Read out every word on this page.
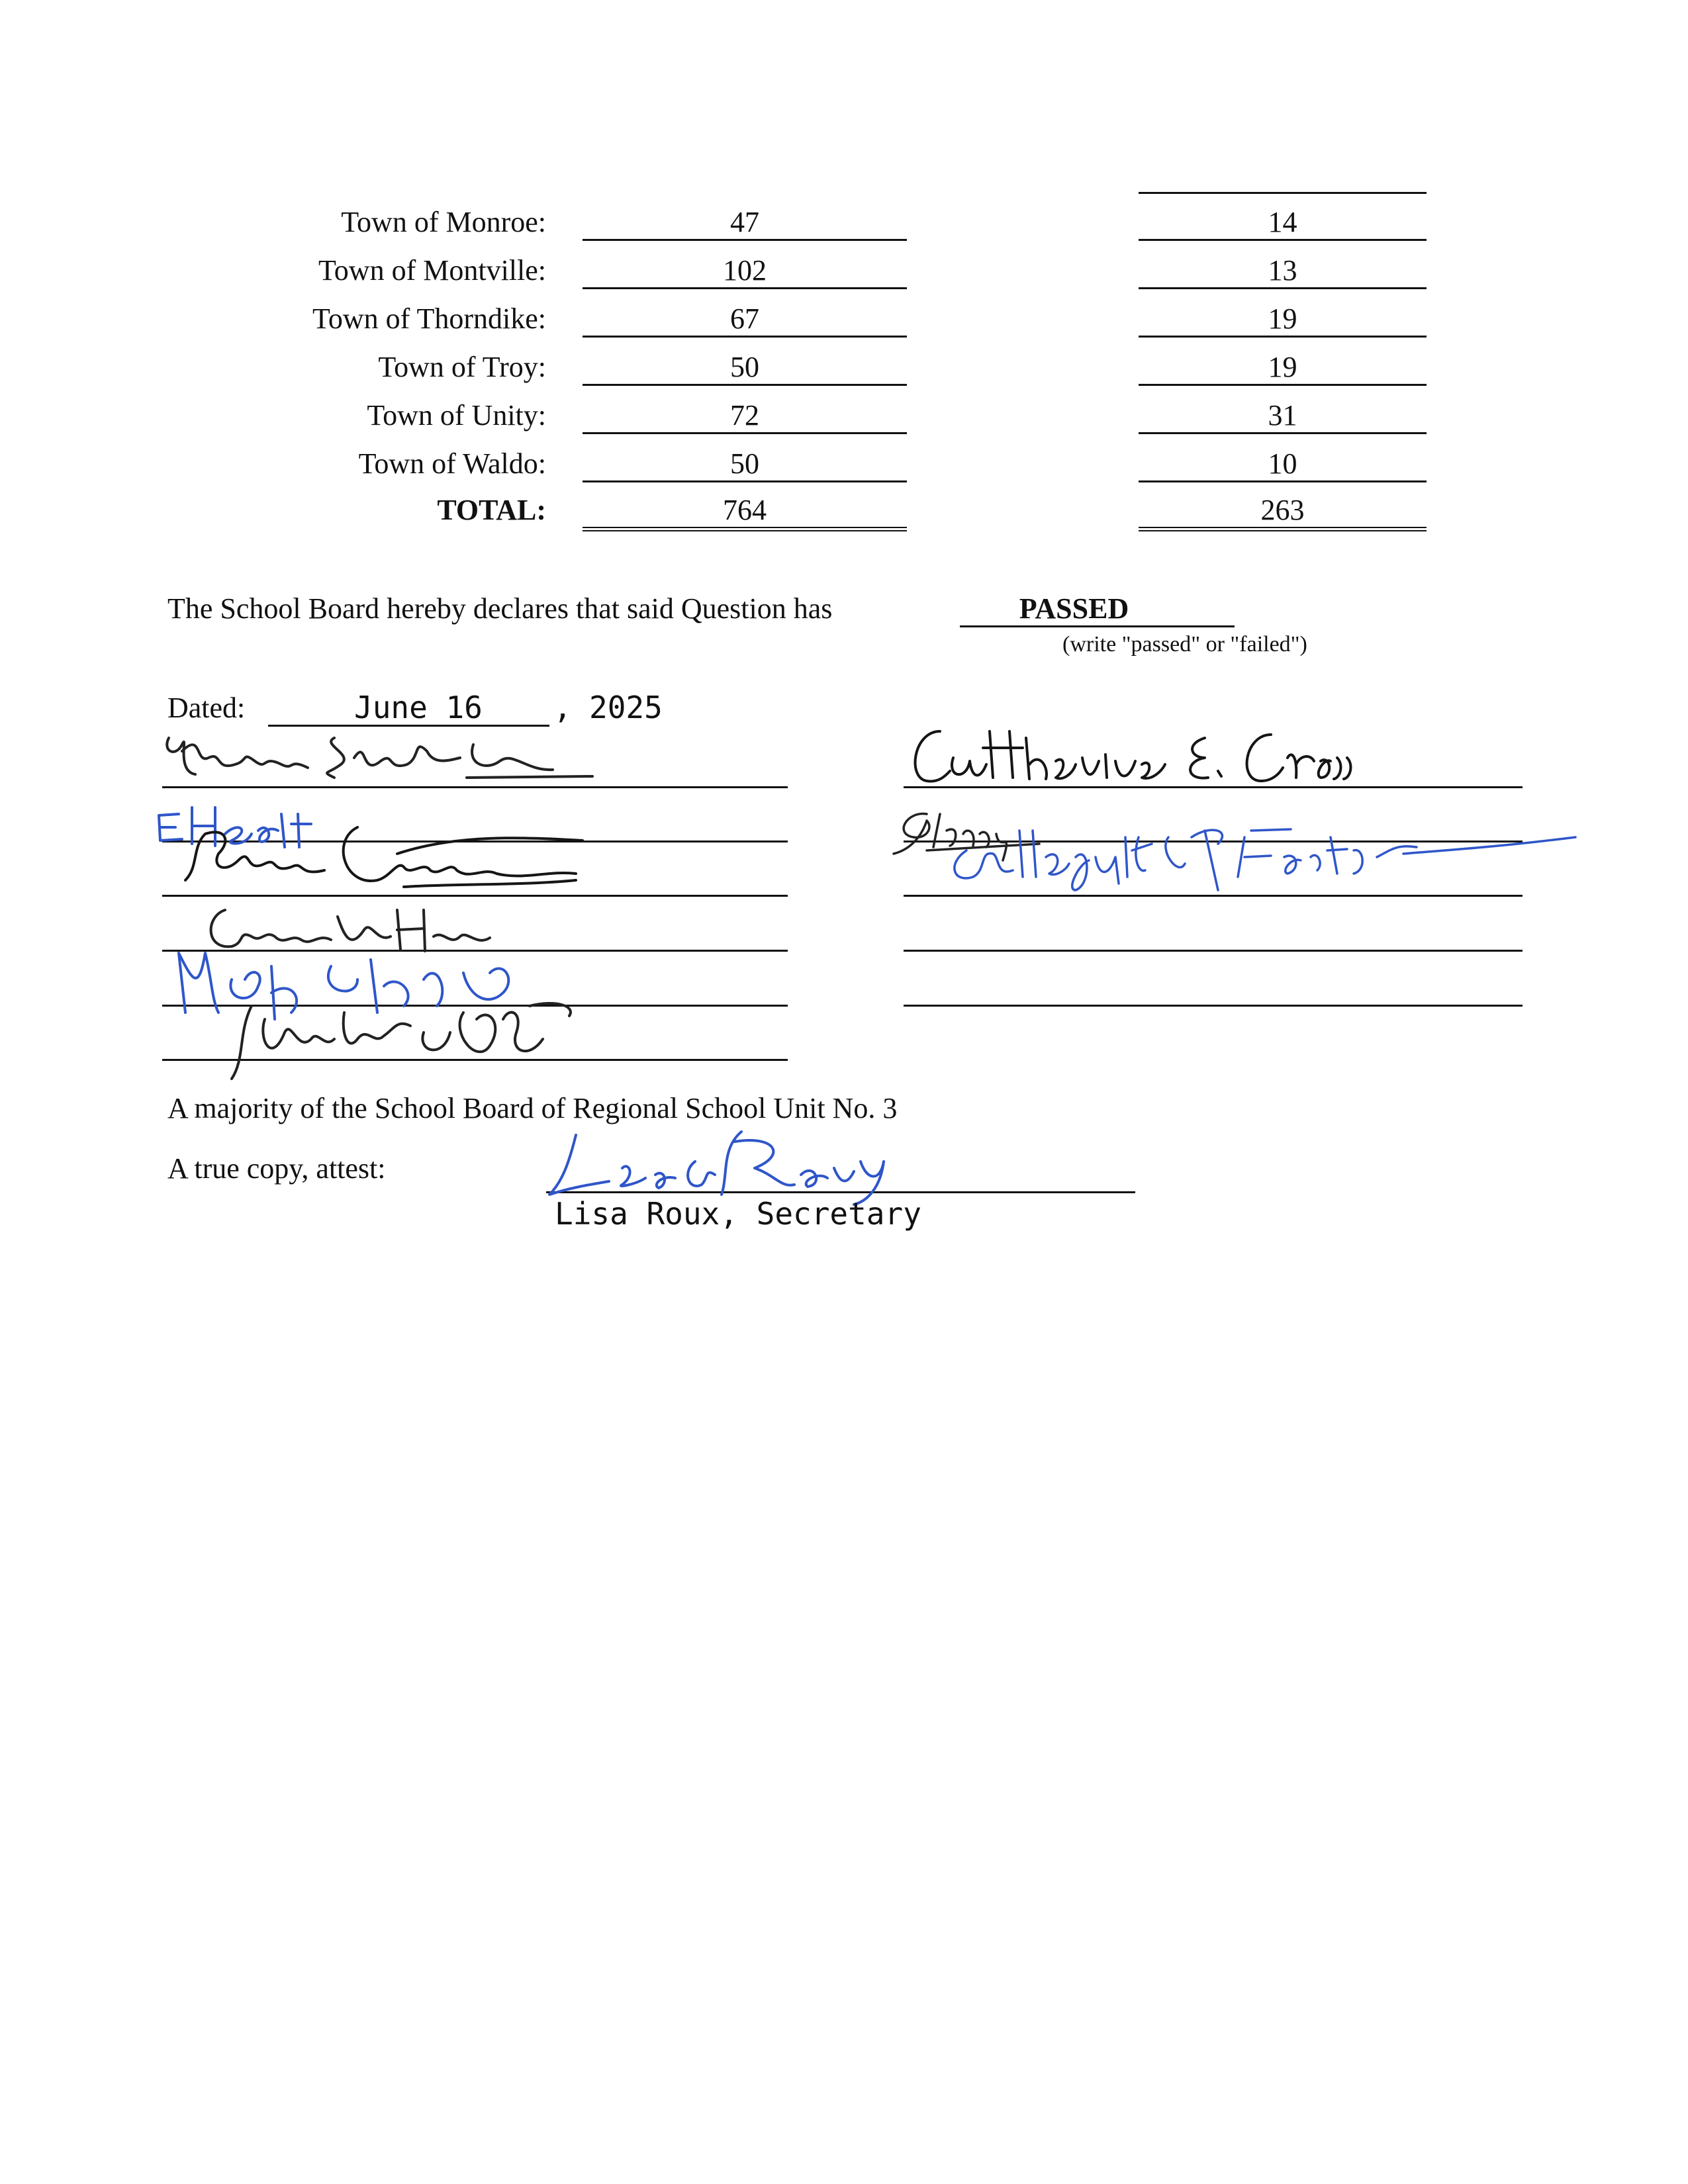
Town of Monroe:	47	14
Town of Montville:	102	13
Town of Thorndike:	67	19
Town of Troy:	50	19
Town of Unity:	72	31
Town of Waldo:	50	10
TOTAL:	764	263
The School Board hereby declares that said Question has	PASSED
(write "passed" or "failed")
Dated:	June 16	, 2025
A majority of the School Board of Regional School Unit No. 3
A true copy, attest:
Lisa Roux, Secretary
